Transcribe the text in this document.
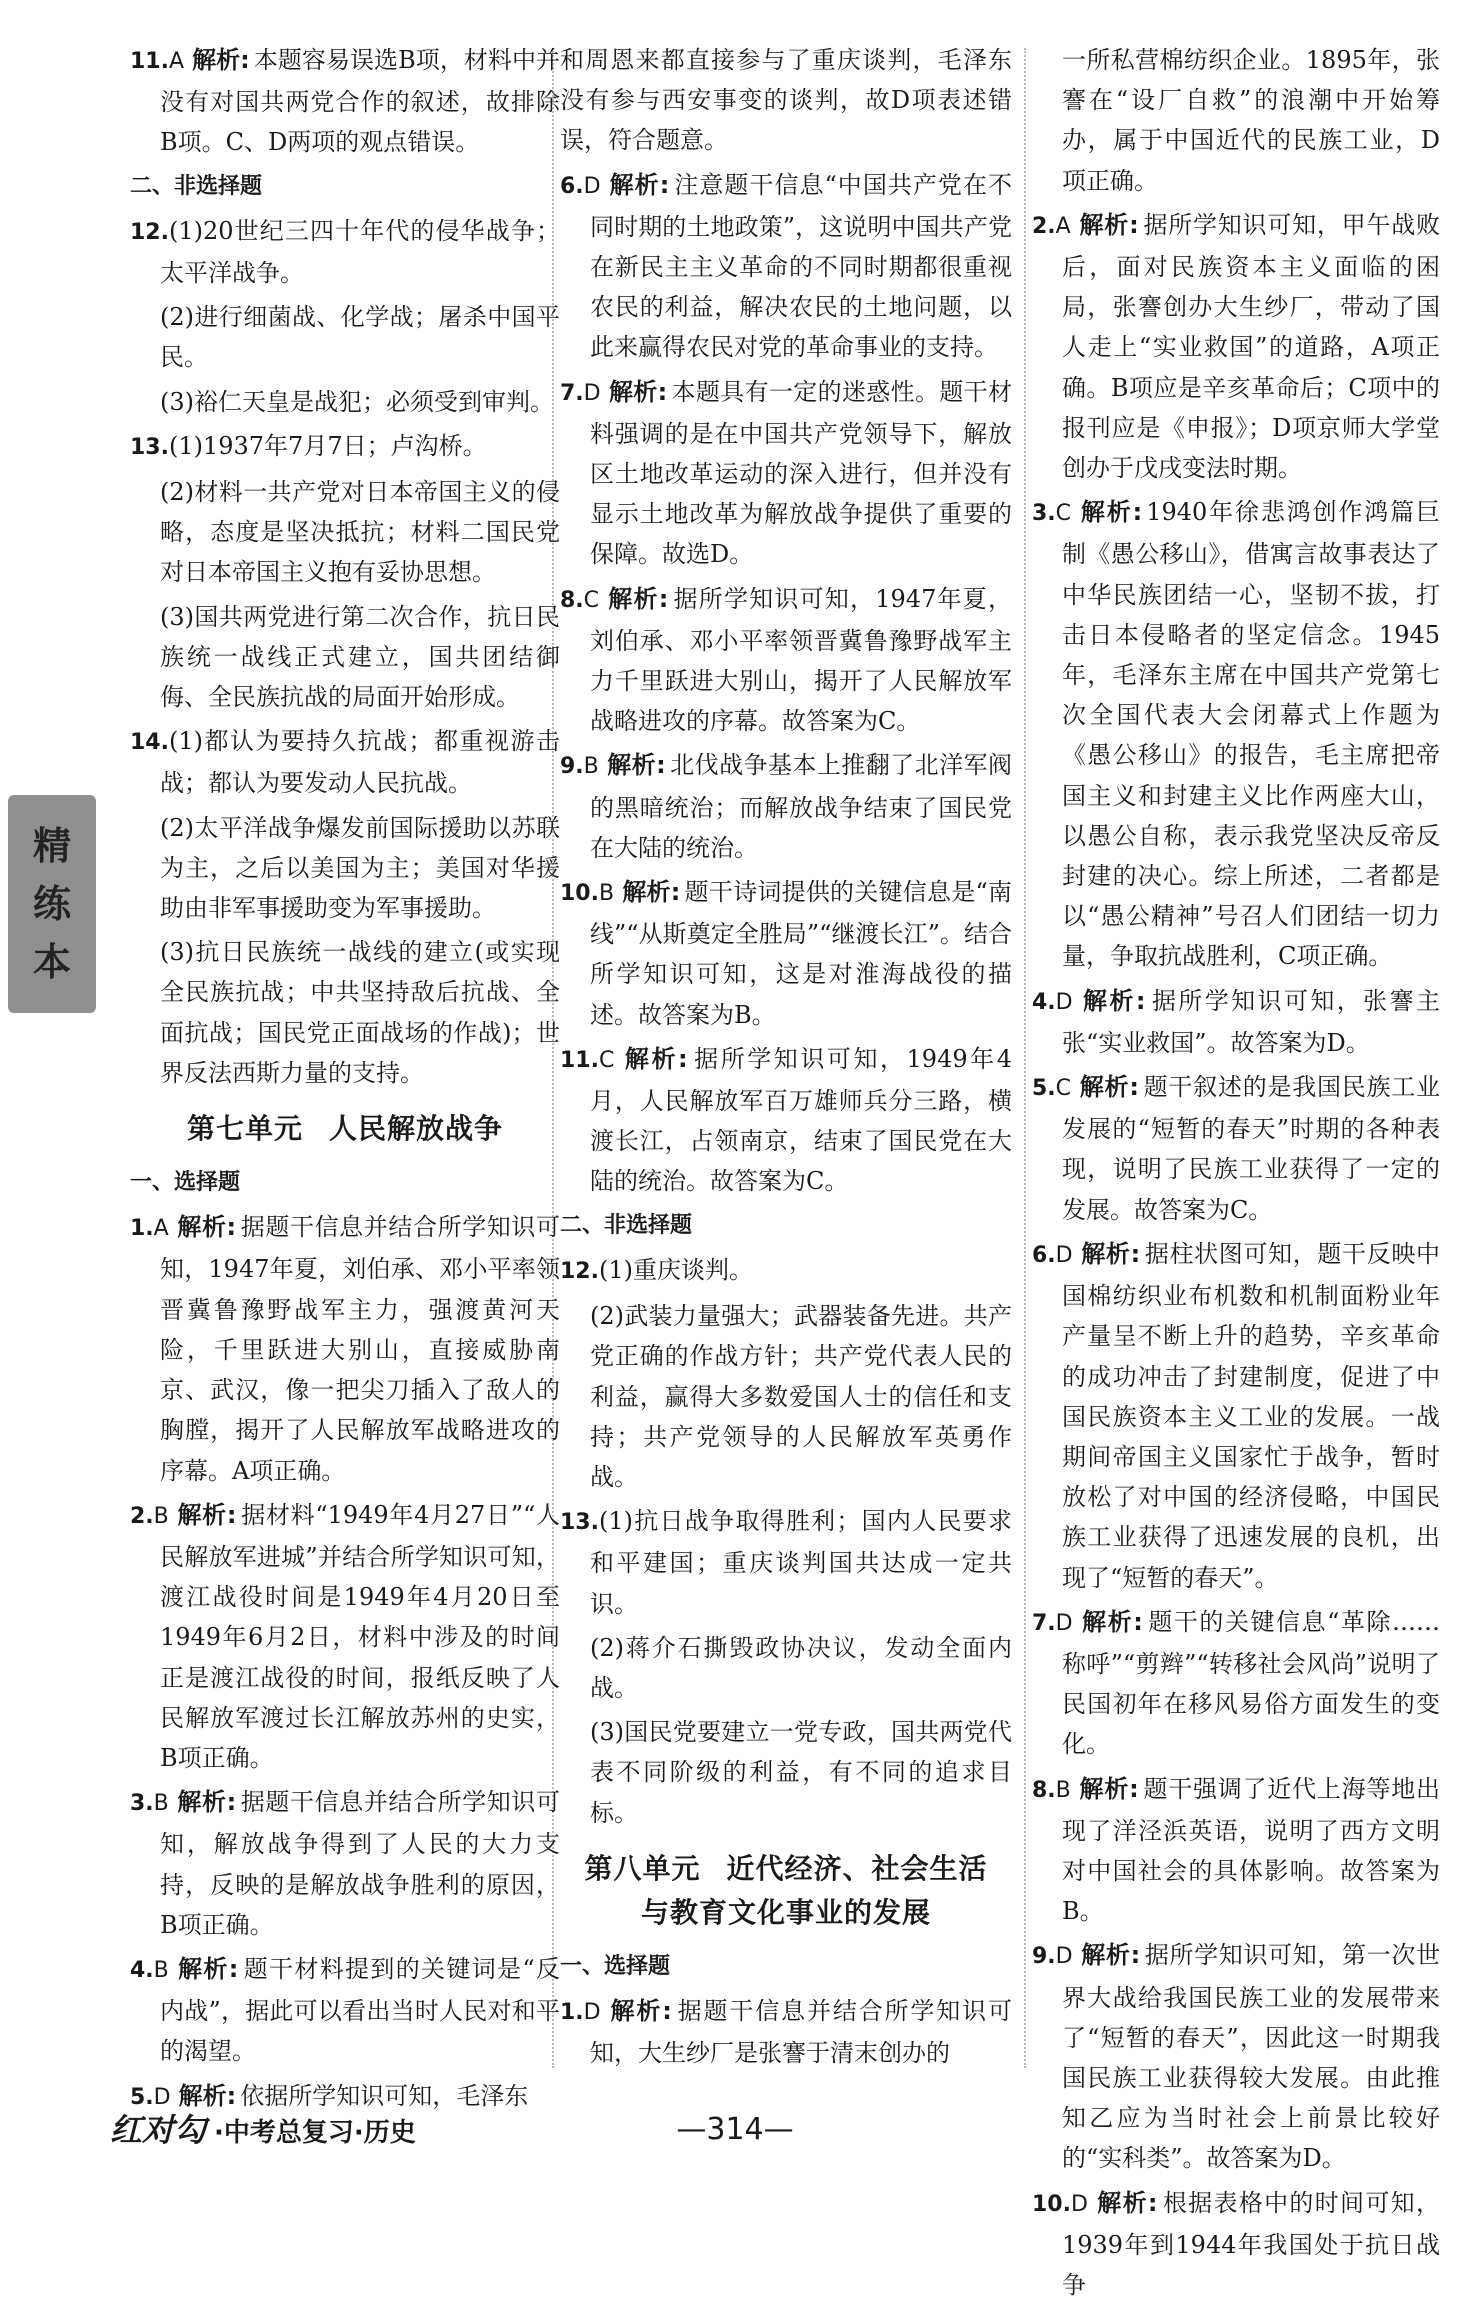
精
练
本

11.A 解析: 本题容易误选B项，材料中并没有对国共两党合作的叙述，故排除B项。C、D两项的观点错误。

二、非选择题

12.(1)20世纪三四十年代的侵华战争；太平洋战争。

(2)进行细菌战、化学战；屠杀中国平民。

(3)裕仁天皇是战犯；必须受到审判。

13.(1)1937年7月7日；卢沟桥。

(2)材料一共产党对日本帝国主义的侵略，态度是坚决抵抗；材料二国民党对日本帝国主义抱有妥协思想。

(3)国共两党进行第二次合作，抗日民族统一战线正式建立，国共团结御侮、全民族抗战的局面开始形成。

14.(1)都认为要持久抗战；都重视游击战；都认为要发动人民抗战。

(2)太平洋战争爆发前国际援助以苏联为主，之后以美国为主；美国对华援助由非军事援助变为军事援助。

(3)抗日民族统一战线的建立(或实现全民族抗战；中共坚持敌后抗战、全面抗战；国民党正面战场的作战)；世界反法西斯力量的支持。

第七单元 人民解放战争
一、选择题

1.A 解析: 据题干信息并结合所学知识可知，1947年夏，刘伯承、邓小平率领晋冀鲁豫野战军主力，强渡黄河天险，千里跃进大别山，直接威胁南京、武汉，像一把尖刀插入了敌人的胸膛，揭开了人民解放军战略进攻的序幕。A项正确。

2.B 解析: 据材料“1949年4月27日”“人民解放军进城”并结合所学知识可知，渡江战役时间是1949年4月20日至1949年6月2日，材料中涉及的时间正是渡江战役的时间，报纸反映了人民解放军渡过长江解放苏州的史实，B项正确。

3.B 解析: 据题干信息并结合所学知识可知，解放战争得到了人民的大力支持，反映的是解放战争胜利的原因，B项正确。

4.B 解析: 题干材料提到的关键词是“反内战”，据此可以看出当时人民对和平的渴望。

5.D 解析: 依据所学知识可知，毛泽东

和周恩来都直接参与了重庆谈判，毛泽东没有参与西安事变的谈判，故D项表述错误，符合题意。

6.D 解析: 注意题干信息“中国共产党在不同时期的土地政策”，这说明中国共产党在新民主主义革命的不同时期都很重视农民的利益，解决农民的土地问题，以此来赢得农民对党的革命事业的支持。

7.D 解析: 本题具有一定的迷惑性。题干材料强调的是在中国共产党领导下，解放区土地改革运动的深入进行，但并没有显示土地改革为解放战争提供了重要的保障。故选D。

8.C 解析: 据所学知识可知，1947年夏，刘伯承、邓小平率领晋冀鲁豫野战军主力千里跃进大别山，揭开了人民解放军战略进攻的序幕。故答案为C。

9.B 解析: 北伐战争基本上推翻了北洋军阀的黑暗统治；而解放战争结束了国民党在大陆的统治。

10.B 解析: 题干诗词提供的关键信息是“南线”“从斯奠定全胜局”“继渡长江”。结合所学知识可知，这是对淮海战役的描述。故答案为B。

11.C 解析: 据所学知识可知，1949年4月，人民解放军百万雄师兵分三路，横渡长江，占领南京，结束了国民党在大陆的统治。故答案为C。

二、非选择题

12.(1)重庆谈判。

(2)武装力量强大；武器装备先进。共产党正确的作战方针；共产党代表人民的利益，赢得大多数爱国人士的信任和支持；共产党领导的人民解放军英勇作战。

13.(1)抗日战争取得胜利；国内人民要求和平建国；重庆谈判国共达成一定共识。

(2)蒋介石撕毁政协决议，发动全面内战。

(3)国民党要建立一党专政，国共两党代表不同阶级的利益，有不同的追求目标。

第八单元 近代经济、社会生活
与教育文化事业的发展
一、选择题

1.D 解析: 据题干信息并结合所学知识可知，大生纱厂是张謇于清末创办的

一所私营棉纺织企业。1895年，张謇在“设厂自救”的浪潮中开始筹办，属于中国近代的民族工业，D项正确。

2.A 解析: 据所学知识可知，甲午战败后，面对民族资本主义面临的困局，张謇创办大生纱厂，带动了国人走上“实业救国”的道路，A项正确。B项应是辛亥革命后；C项中的报刊应是《申报》；D项京师大学堂创办于戊戌变法时期。

3.C 解析: 1940年徐悲鸿创作鸿篇巨制《愚公移山》，借寓言故事表达了中华民族团结一心，坚韧不拔，打击日本侵略者的坚定信念。1945年，毛泽东主席在中国共产党第七次全国代表大会闭幕式上作题为《愚公移山》的报告，毛主席把帝国主义和封建主义比作两座大山，以愚公自称，表示我党坚决反帝反封建的决心。综上所述，二者都是以“愚公精神”号召人们团结一切力量，争取抗战胜利，C项正确。

4.D 解析: 据所学知识可知，张謇主张“实业救国”。故答案为D。

5.C 解析: 题干叙述的是我国民族工业发展的“短暂的春天”时期的各种表现，说明了民族工业获得了一定的发展。故答案为C。

6.D 解析: 据柱状图可知，题干反映中国棉纺织业布机数和机制面粉业年产量呈不断上升的趋势，辛亥革命的成功冲击了封建制度，促进了中国民族资本主义工业的发展。一战期间帝国主义国家忙于战争，暂时放松了对中国的经济侵略，中国民族工业获得了迅速发展的良机，出现了“短暂的春天”。

7.D 解析: 题干的关键信息“革除……称呼”“剪辫”“转移社会风尚”说明了民国初年在移风易俗方面发生的变化。

8.B 解析: 题干强调了近代上海等地出现了洋泾浜英语，说明了西方文明对中国社会的具体影响。故答案为B。

9.D 解析: 据所学知识可知，第一次世界大战给我国民族工业的发展带来了“短暂的春天”，因此这一时期我国民族工业获得较大发展。由此推知乙应为当时社会上前景比较好的“实科类”。故答案为D。

10.D 解析: 根据表格中的时间可知，1939年到1944年我国处于抗日战争

红对勾 ·中考总复习·历史	—314—
